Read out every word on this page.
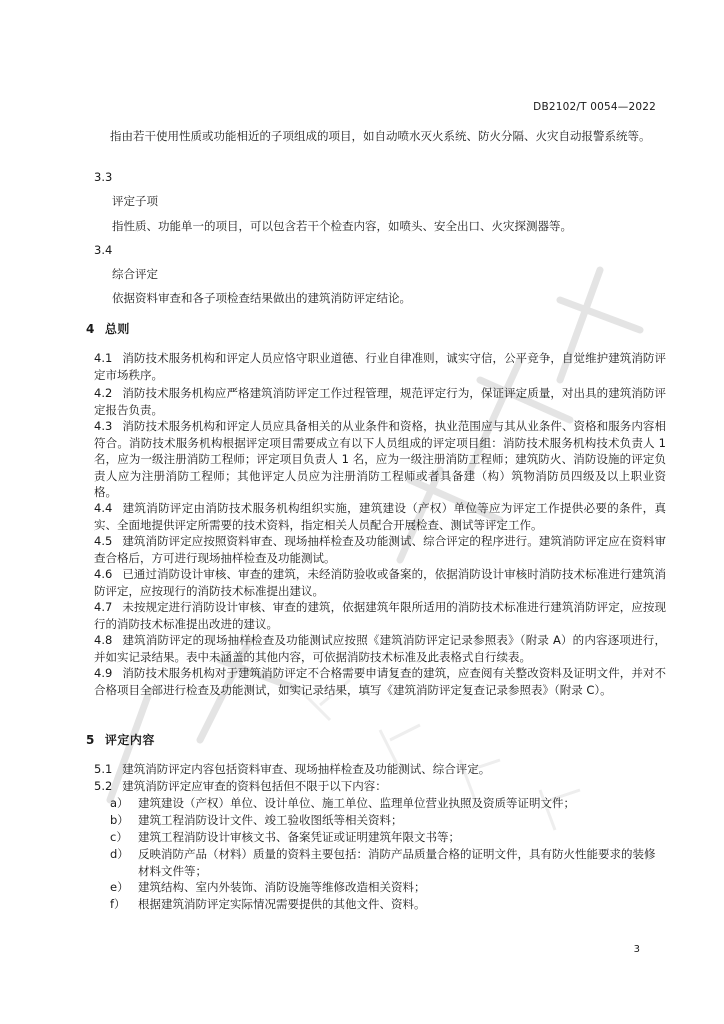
DB2102/T 0054—2022
指由若干使用性质或功能相近的子项组成的项目，如自动喷水灭火系统、防火分隔、火灾自动报警系统等。
3.3
评定子项
指性质、功能单一的项目，可以包含若干个检查内容，如喷头、安全出口、火灾探测器等。
3.4
综合评定
依据资料审查和各子项检查结果做出的建筑消防评定结论。
4 总则
4.1 消防技术服务机构和评定人员应恪守职业道德、行业自律准则，诚实守信，公平竞争，自觉维护建筑消防评定市场秩序。
4.2 消防技术服务机构应严格建筑消防评定工作过程管理，规范评定行为，保证评定质量，对出具的建筑消防评定报告负责。
4.3 消防技术服务机构和评定人员应具备相关的从业条件和资格，执业范围应与其从业条件、资格和服务内容相符合。消防技术服务机构根据评定项目需要成立有以下人员组成的评定项目组：消防技术服务机构技术负责人 1 名，应为一级注册消防工程师；评定项目负责人 1 名，应为一级注册消防工程师；建筑防火、消防设施的评定负责人应为注册消防工程师；其他评定人员应为注册消防工程师或者具备建（构）筑物消防员四级及以上职业资格。
4.4 建筑消防评定由消防技术服务机构组织实施，建筑建设（产权）单位等应为评定工作提供必要的条件，真实、全面地提供评定所需要的技术资料，指定相关人员配合开展检查、测试等评定工作。
4.5 建筑消防评定应按照资料审查、现场抽样检查及功能测试、综合评定的程序进行。建筑消防评定应在资料审查合格后，方可进行现场抽样检查及功能测试。
4.6 已通过消防设计审核、审查的建筑，未经消防验收或备案的，依据消防设计审核时消防技术标准进行建筑消防评定，应按现行的消防技术标准提出建议。
4.7 未按规定进行消防设计审核、审查的建筑，依据建筑年限所适用的消防技术标准进行建筑消防评定，应按现行的消防技术标准提出改进的建议。
4.8 建筑消防评定的现场抽样检查及功能测试应按照《建筑消防评定记录参照表》（附录 A）的内容逐项进行，并如实记录结果。表中未涵盖的其他内容，可依据消防技术标准及此表格式自行续表。
4.9 消防技术服务机构对于建筑消防评定不合格需要申请复查的建筑，应查阅有关整改资料及证明文件，并对不合格项目全部进行检查及功能测试，如实记录结果，填写《建筑消防评定复查记录参照表》（附录 C）。
5 评定内容
5.1 建筑消防评定内容包括资料审查、现场抽样检查及功能测试、综合评定。
5.2 建筑消防评定应审查的资料包括但不限于以下内容：
a） 建筑建设（产权）单位、设计单位、施工单位、监理单位营业执照及资质等证明文件；
b） 建筑工程消防设计文件、竣工验收图纸等相关资料；
c） 建筑工程消防设计审核文书、备案凭证或证明建筑年限文书等；
d） 反映消防产品（材料）质量的资料主要包括：消防产品质量合格的证明文件，具有防火性能要求的装修材料文件等；
e） 建筑结构、室内外装饰、消防设施等维修改造相关资料；
f） 根据建筑消防评定实际情况需要提供的其他文件、资料。
3
